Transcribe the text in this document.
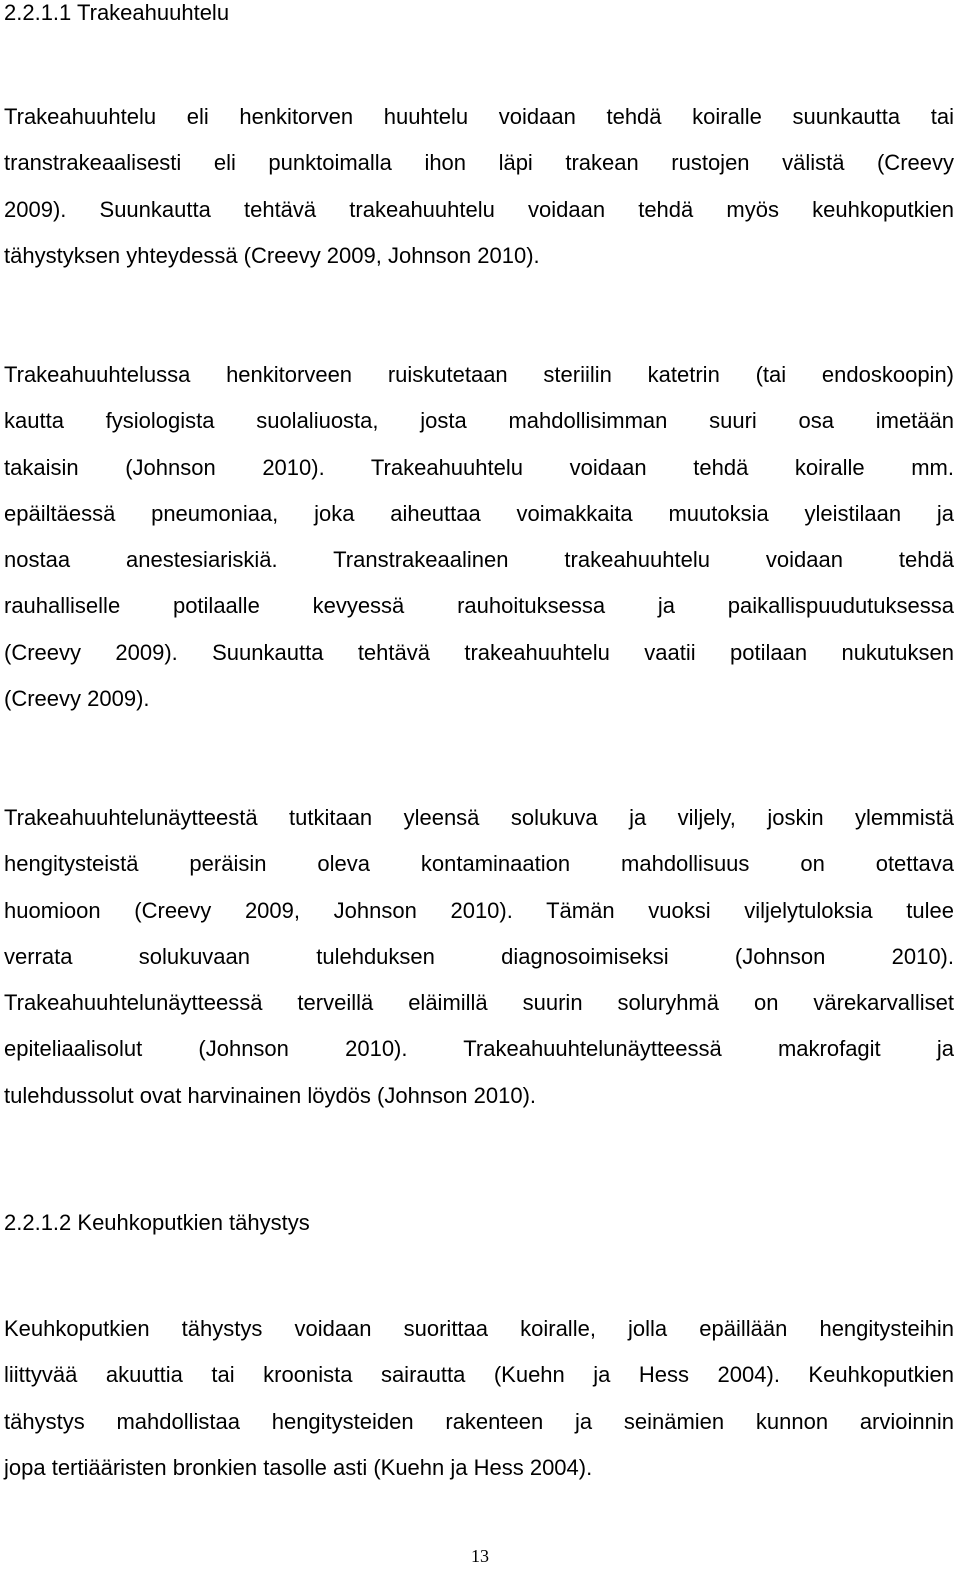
2.2.1.1 Trakeahuuhtelu

Trakeahuuhtelu eli henkitorven huuhtelu voidaan tehdä koiralle suunkautta tai
transtrakeaalisesti eli punktoimalla ihon läpi trakean rustojen välistä (Creevy
2009). Suunkautta tehtävä trakeahuuhtelu voidaan tehdä myös keuhkoputkien
tähystyksen yhteydessä (Creevy 2009, Johnson 2010).

Trakeahuuhtelussa henkitorveen ruiskutetaan steriilin katetrin (tai endoskoopin)
kautta fysiologista suolaliuosta, josta mahdollisimman suuri osa imetään
takaisin (Johnson 2010). Trakeahuuhtelu voidaan tehdä koiralle mm.
epäiltäessä pneumoniaa, joka aiheuttaa voimakkaita muutoksia yleistilaan ja
nostaa anestesiariskiä. Transtrakeaalinen trakeahuuhtelu voidaan tehdä
rauhalliselle potilaalle kevyessä rauhoituksessa ja paikallispuudutuksessa
(Creevy 2009). Suunkautta tehtävä trakeahuuhtelu vaatii potilaan nukutuksen
(Creevy 2009).

Trakeahuuhtelunäytteestä tutkitaan yleensä solukuva ja viljely, joskin ylemmistä
hengitysteistä peräisin oleva kontaminaation mahdollisuus on otettava
huomioon (Creevy 2009, Johnson 2010). Tämän vuoksi viljelytuloksia tulee
verrata solukuvaan tulehduksen diagnosoimiseksi (Johnson 2010).
Trakeahuuhtelunäytteessä terveillä eläimillä suurin soluryhmä on värekarvalliset
epiteliaalisolut (Johnson 2010). Trakeahuuhtelunäytteessä makrofagit ja
tulehdussolut ovat harvinainen löydös (Johnson 2010).

2.2.1.2 Keuhkoputkien tähystys

Keuhkoputkien tähystys voidaan suorittaa koiralle, jolla epäillään hengitysteihin
liittyvää akuuttia tai kroonista sairautta (Kuehn ja Hess 2004). Keuhkoputkien
tähystys mahdollistaa hengitysteiden rakenteen ja seinämien kunnon arvioinnin
jopa tertiääristen bronkien tasolle asti (Kuehn ja Hess 2004).

13
